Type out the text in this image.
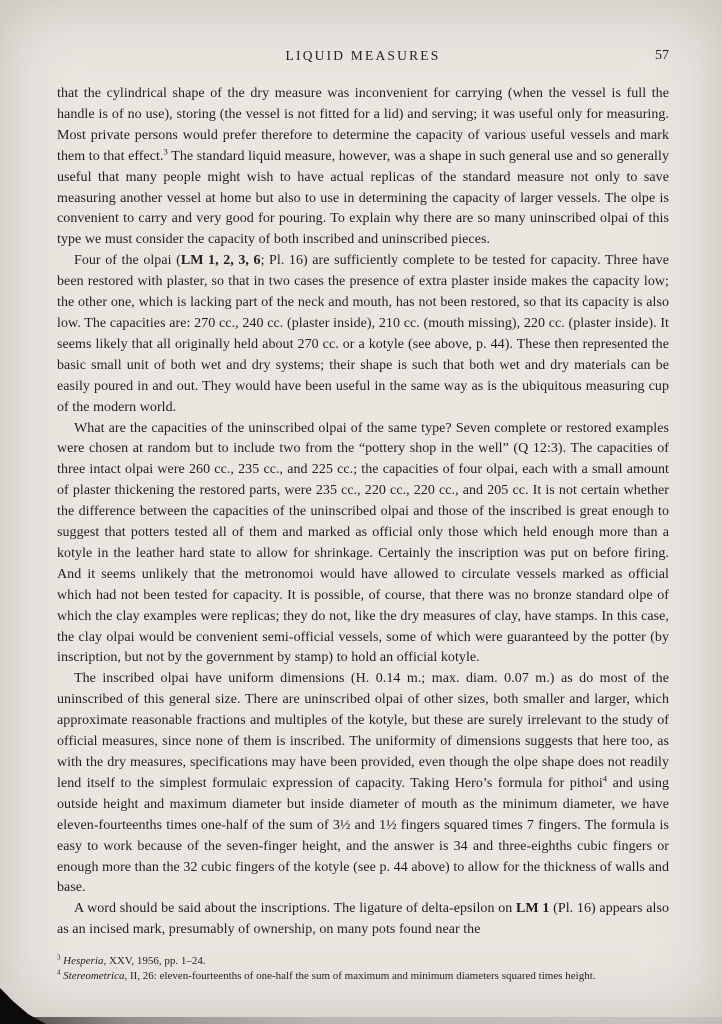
LIQUID MEASURES	57

that the cylindrical shape of the dry measure was inconvenient for carrying (when the vessel is full the handle is of no use), storing (the vessel is not fitted for a lid) and serving; it was useful only for measuring. Most private persons would prefer therefore to determine the capacity of various useful vessels and mark them to that effect.$^3$ The standard liquid measure, however, was a shape in such general use and so generally useful that many people might wish to have actual replicas of the standard measure not only to save measuring another vessel at home but also to use in determining the capacity of larger vessels. The olpe is convenient to carry and very good for pouring. To explain why there are so many uninscribed olpai of this type we must consider the capacity of both inscribed and uninscribed pieces.

Four of the olpai (LM 1, 2, 3, 6; Pl. 16) are sufficiently complete to be tested for capacity. Three have been restored with plaster, so that in two cases the presence of extra plaster inside makes the capacity low; the other one, which is lacking part of the neck and mouth, has not been restored, so that its capacity is also low. The capacities are: 270 cc., 240 cc. (plaster inside), 210 cc. (mouth missing), 220 cc. (plaster inside). It seems likely that all originally held about 270 cc. or a kotyle (see above, p. 44). These then represented the basic small unit of both wet and dry systems; their shape is such that both wet and dry materials can be easily poured in and out. They would have been useful in the same way as is the ubiquitous measuring cup of the modern world.

What are the capacities of the uninscribed olpai of the same type? Seven complete or restored examples were chosen at random but to include two from the “pottery shop in the well” (Q 12:3). The capacities of three intact olpai were 260 cc., 235 cc., and 225 cc.; the capacities of four olpai, each with a small amount of plaster thickening the restored parts, were 235 cc., 220 cc., 220 cc., and 205 cc. It is not certain whether the difference between the capacities of the uninscribed olpai and those of the inscribed is great enough to suggest that potters tested all of them and marked as official only those which held enough more than a kotyle in the leather hard state to allow for shrinkage. Certainly the inscription was put on before firing. And it seems unlikely that the metronomoi would have allowed to circulate vessels marked as official which had not been tested for capacity. It is possible, of course, that there was no bronze standard olpe of which the clay examples were replicas; they do not, like the dry measures of clay, have stamps. In this case, the clay olpai would be convenient semi-official vessels, some of which were guaranteed by the potter (by inscription, but not by the government by stamp) to hold an official kotyle.

The inscribed olpai have uniform dimensions (H. 0.14 m.; max. diam. 0.07 m.) as do most of the uninscribed of this general size. There are uninscribed olpai of other sizes, both smaller and larger, which approximate reasonable fractions and multiples of the kotyle, but these are surely irrelevant to the study of official measures, since none of them is inscribed. The uniformity of dimensions suggests that here too, as with the dry measures, specifications may have been provided, even though the olpe shape does not readily lend itself to the simplest formulaic expression of capacity. Taking Hero’s formula for pithoi$^4$ and using outside height and maximum diameter but inside diameter of mouth as the minimum diameter, we have eleven-fourteenths times one-half of the sum of 3½ and 1½ fingers squared times 7 fingers. The formula is easy to work because of the seven-finger height, and the answer is 34 and three-eighths cubic fingers or enough more than the 32 cubic fingers of the kotyle (see p. 44 above) to allow for the thickness of walls and base.

A word should be said about the inscriptions. The ligature of delta-epsilon on LM 1 (Pl. 16) appears also as an incised mark, presumably of ownership, on many pots found near the

$^3$ Hesperia, XXV, 1956, pp. 1–24.

$^4$ Stereometrica, II, 26: eleven-fourteenths of one-half the sum of maximum and minimum diameters squared times height.
